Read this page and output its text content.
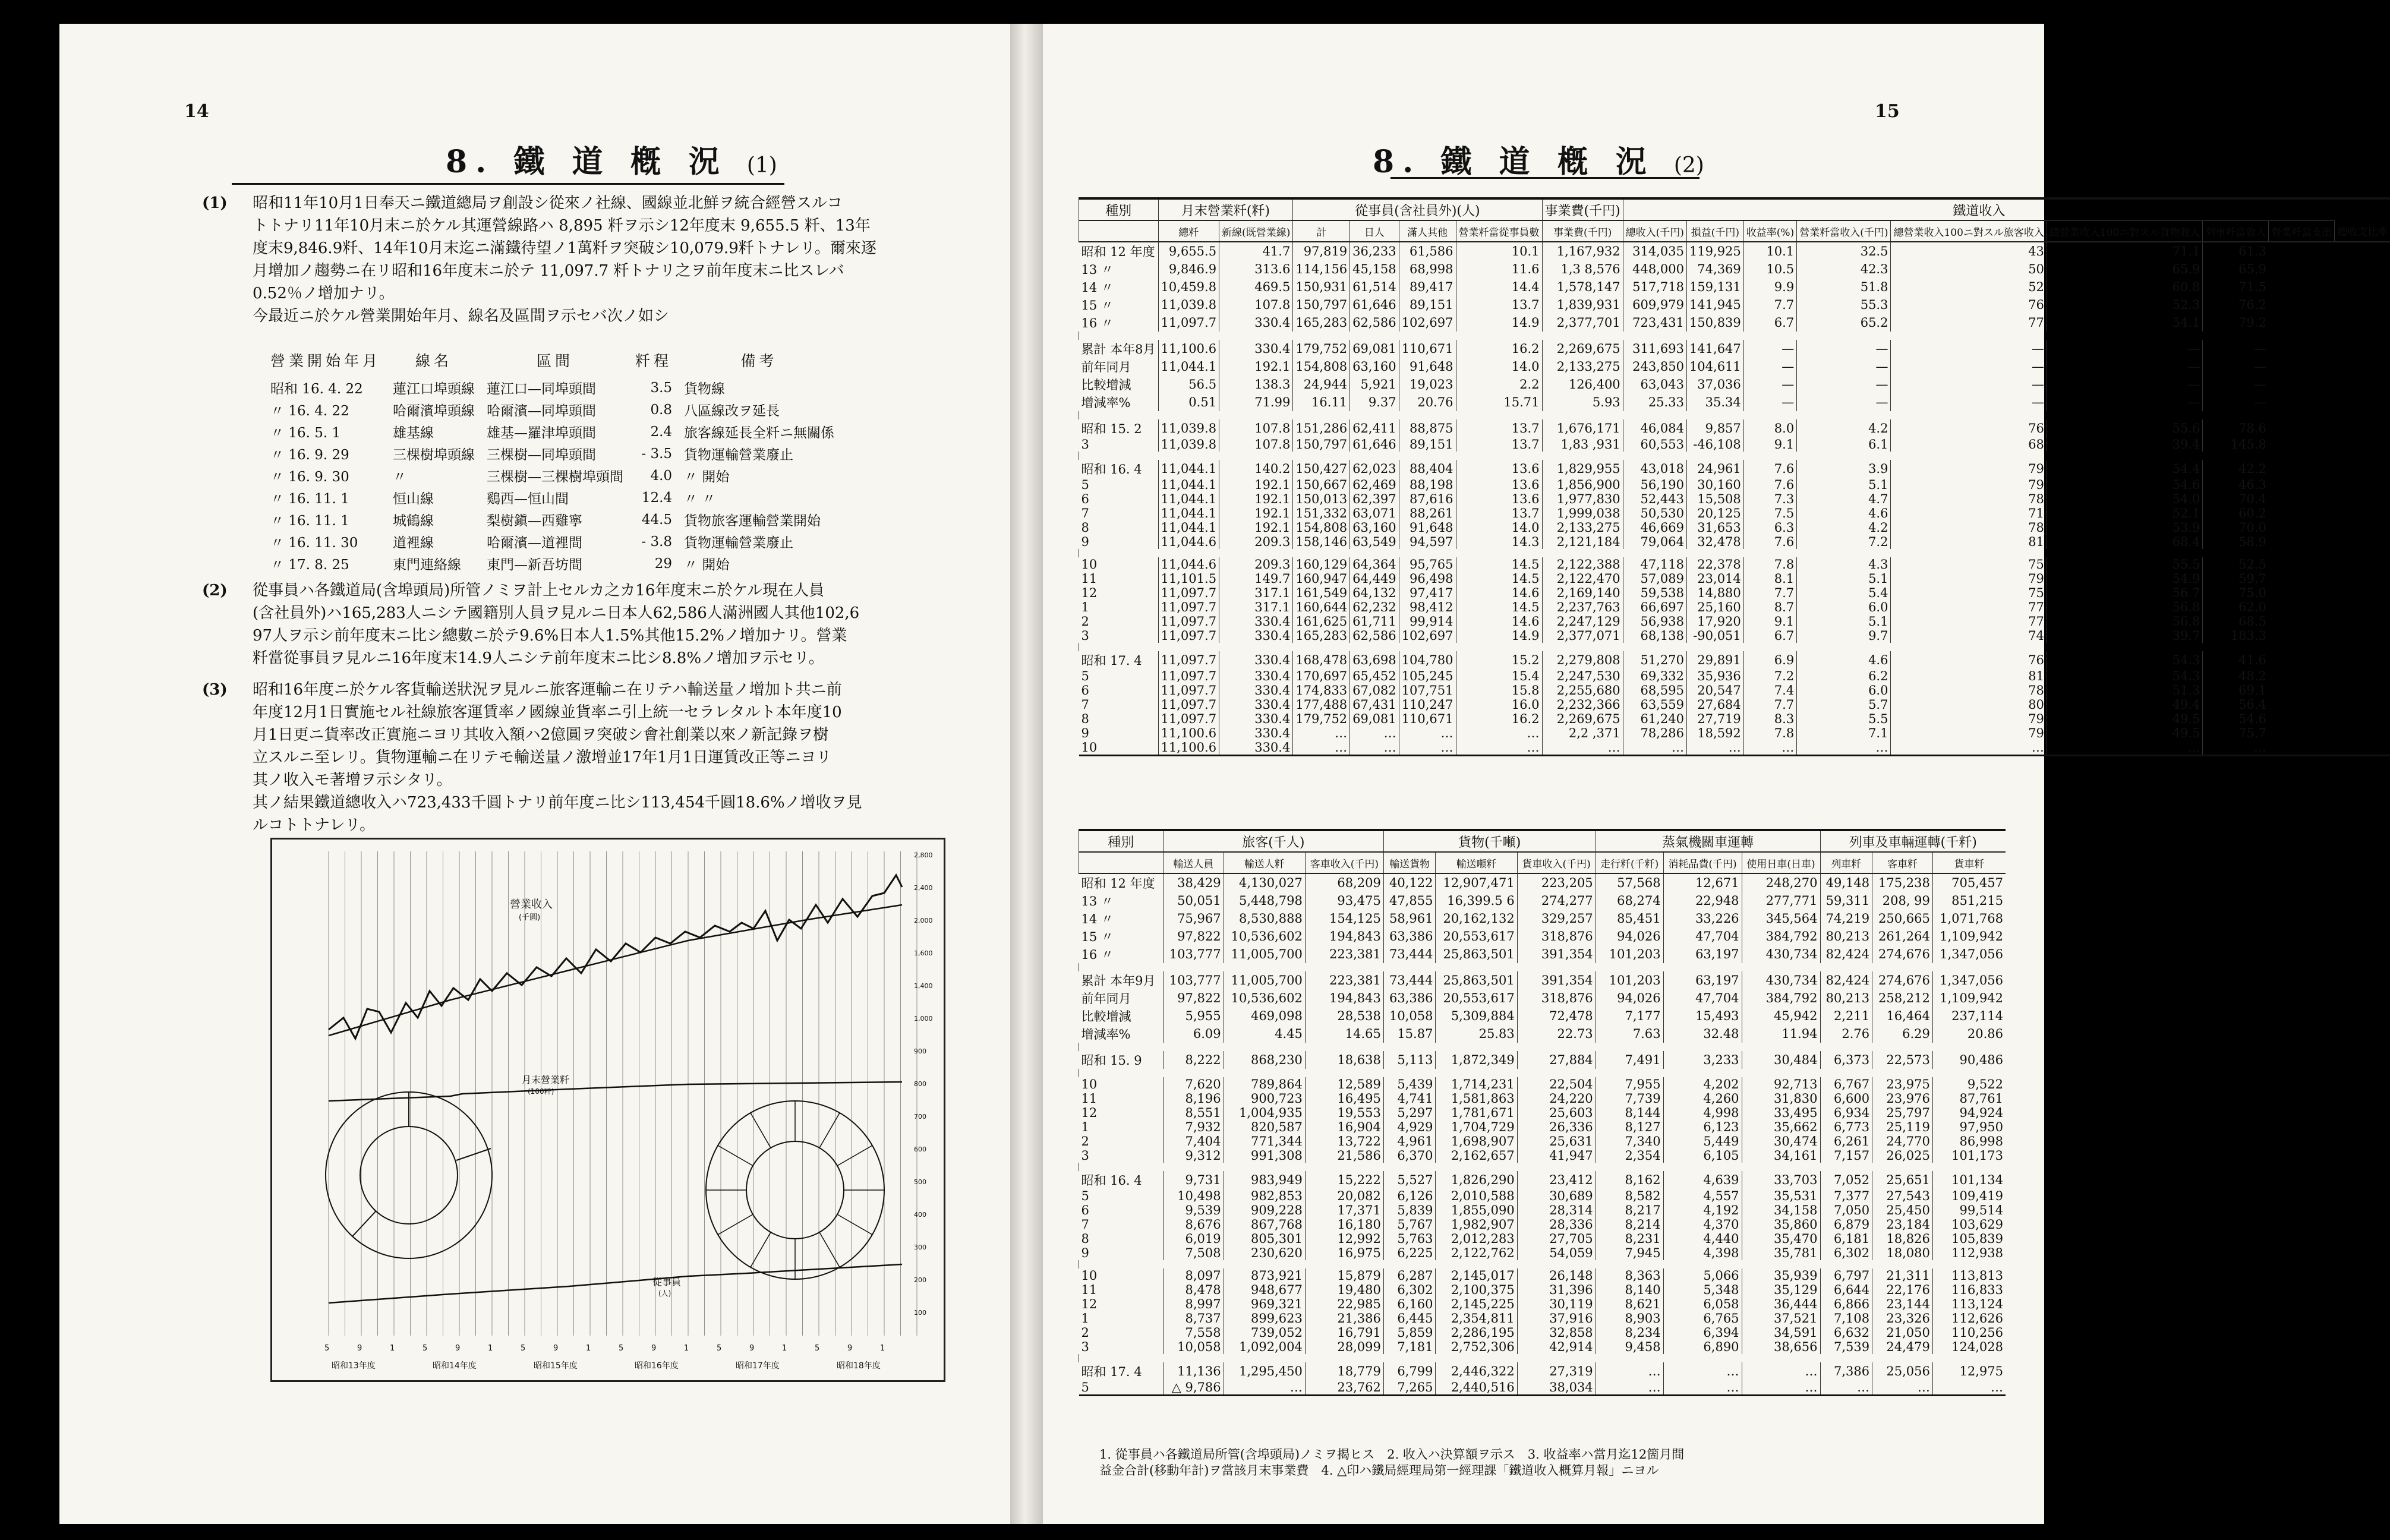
14
8. 鐵 道 槪 況 (1)
(1) 昭和11年10月1日奉天ニ鐵道總局ヲ創設シ從來ノ社線、國線並北鮮ヲ統合經營スルコ
トトナリ11年10月末ニ於ケル其運營線路ハ 8,895 粁ヲ示シ12年度末 9,655.5 粁、13年
度末9,846.9粁、14年10月末迄ニ滿鐵待望ノ1萬粁ヲ突破シ10,079.9粁トナレリ。爾來逐
月增加ノ趨勢ニ在リ昭和16年度末ニ於テ 11,097.7 粁トナリ之ヲ前年度末ニ比スレバ
0.52％ノ增加ナリ。
今最近ニ於ケル營業開始年月、線名及區間ヲ示セバ次ノ如シ
營業開始年月	線名	區間	粁程	備考
昭和 16. 4. 22	蓮江口埠頭線	蓮江口—同埠頭間	3.5	貨物線
〃 16. 4. 22	哈爾濱埠頭線	哈爾濱—同埠頭間	0.8	八區線改ヲ延長
〃 16. 5. 1	雄基線	雄基—羅津埠頭間	2.4	旅客線延長全粁ニ無關係
〃 16. 9. 29	三棵樹埠頭線	三棵樹—同埠頭間	- 3.5	貨物運輸營業廢止
〃 16. 9. 30	〃	三棵樹—三棵樹埠頭間	4.0	〃 開始
〃 16. 11. 1	恒山線	鷄西—恒山間	12.4	〃 〃
〃 16. 11. 1	城鶴線	梨樹鎭—西雞寧	44.5	貨物旅客運輸營業開始
〃 16. 11. 30	道裡線	哈爾濱—道裡間	- 3.8	貨物運輸營業廢止
〃 17. 8. 25	東門連絡線	東門—新吾坊間	29	〃 開始
(2) 從事員ハ各鐵道局(含埠頭局)所管ノミヲ計上セルカ之カ16年度末ニ於ケル現在人員
(含社員外)ハ165,283人ニシテ國籍別人員ヲ見ルニ日本人62,586人滿洲國人其他102,6
97人ヲ示シ前年度末ニ比シ總數ニ於テ9.6%日本人1.5%其他15.2%ノ增加ナリ。營業
粁當從事員ヲ見ルニ16年度末14.9人ニシテ前年度末ニ比シ8.8%ノ增加ヲ示セリ。
(3) 昭和16年度ニ於ケル客貨輸送狀況ヲ見ルニ旅客運輸ニ在リテハ輸送量ノ增加ト共ニ前
年度12月1日實施セル社線旅客運賃率ノ國線並貨率ニ引上統一セラレタルト本年度10
月1日更ニ貨率改正實施ニヨリ其收入額ハ2億圓ヲ突破シ會社創業以來ノ新記錄ヲ樹
立スルニ至レリ。貨物運輸ニ在リテモ輸送量ノ激增並17年1月1日運賃改正等ニヨリ
其ノ收入モ著增ヲ示シタリ。
其ノ結果鐵道總收入ハ723,433千圓トナリ前年度ニ比シ113,454千圓18.6%ノ增收ヲ見
ルコトトナレリ。
營業收入
(千圓)
月末營業粁
(100粁)
從事員
(人)
5	9	1	5	9	1	5	9	1	5	9	1	5	9	1	5	9	1
昭和13年度	昭和14年度	昭和15年度	昭和16年度	昭和17年度	昭和18年度
2,800
2,400
2,000
1,600
1,400
1,000
900
800
700
600
500
400
300
200
100
15
8. 鐵 道 槪 況 (2)
種別	月末營業粁(粁)		從事員(含社員外)(人)				事業費(千円)	鐵道收入								
	總粁	新線(既營業線)	計	日人	滿人其他	營業粁當從事員數	事業費(千円)	總收入(千円)	損益(千円)	收益率(%)	營業粁當收入(千円)	總營業收入100ニ對スル旅客收入	總營業收入100ニ對スル貨物收入	列車粁當收入	營業粁當支出	總收支比率
昭和 12 年度	9,655.5	41.7	97,819	36,233	61,586	10.1	1,167,932	314,035	119,925	10.1	32.5	43	71.1	61.3		
13 〃	9,846.9	313.6	114,156	45,158	68,998	11.6	1,3 8,576	448,000	74,369	10.5	42.3	50	65.9	65.9		
14 〃	10,459.8	469.5	150,931	61,514	89,417	14.4	1,578,147	517,718	159,131	9.9	51.8	52	60.8	71.5		
15 〃	11,039.8	107.8	150,797	61,646	89,151	13.7	1,839,931	609,979	141,945	7.7	55.3	76	52.3	76.2		
16 〃	11,097.7	330.4	165,283	62,586	102,697	14.9	2,377,701	723,431	150,839	6.7	65.2	77	54.1	79.2		

累計 本年8月	11,100.6	330.4	179,752	69,081	110,671	16.2	2,269,675	311,693	141,647	—	—	—	—	—		
前年同月	11,044.1	192.1	154,808	63,160	91,648	14.0	2,133,275	243,850	104,611	—	—	—	—	—		
比較增減	56.5	138.3	24,944	5,921	19,023	2.2	126,400	63,043	37,036	—	—	—	—	—		
增減率%	0.51	71.99	16.11	9.37	20.76	15.71	5.93	25.33	35.34	—	—	—	—	—		

昭和 15. 2	11,039.8	107.8	151,286	62,411	88,875	13.7	1,676,171	46,084	9,857	8.0	4.2	76	55.6	78.6		
3	11,039.8	107.8	150,797	61,646	89,151	13.7	1,83 ,931	60,553	-46,108	9.1	6.1	68	39.4	145.8		

昭和 16. 4	11,044.1	140.2	150,427	62,023	88,404	13.6	1,829,955	43,018	24,961	7.6	3.9	79	54.4	42.2		
5	11,044.1	192.1	150,667	62,469	88,198	13.6	1,856,900	56,190	30,160	7.6	5.1	79	54.6	46.3		
6	11,044.1	192.1	150,013	62,397	87,616	13.6	1,977,830	52,443	15,508	7.3	4.7	78	54.0	70.4		
7	11,044.1	192.1	151,332	63,071	88,261	13.7	1,999,038	50,530	20,125	7.5	4.6	71	52.1	60.2		
8	11,044.1	192.1	154,808	63,160	91,648	14.0	2,133,275	46,669	31,653	6.3	4.2	78	53.9	70.0		
9	11,044.6	209.3	158,146	63,549	94,597	14.3	2,121,184	79,064	32,478	7.6	7.2	81	68.4	58.9		

10	11,044.6	209.3	160,129	64,364	95,765	14.5	2,122,388	47,118	22,378	7.8	4.3	75	55.5	52.5		
11	11,101.5	149.7	160,947	64,449	96,498	14.5	2,122,470	57,089	23,014	8.1	5.1	79	54.9	59.7		
12	11,097.7	317.1	161,549	64,132	97,417	14.6	2,169,140	59,538	14,880	7.7	5.4	75	56.7	75.0		
1	11,097.7	317.1	160,644	62,232	98,412	14.5	2,237,763	66,697	25,160	8.7	6.0	77	56.8	62.0		
2	11,097.7	330.4	161,625	61,711	99,914	14.6	2,247,129	56,938	17,920	9.1	5.1	77	56.8	68.5		
3	11,097.7	330.4	165,283	62,586	102,697	14.9	2,377,071	68,138	-90,051	6.7	9.7	74	39.7	183.3		

昭和 17. 4	11,097.7	330.4	168,478	63,698	104,780	15.2	2,279,808	51,270	29,891	6.9	4.6	76	54.3	41.6		
5	11,097.7	330.4	170,697	65,452	105,245	15.4	2,247,530	69,332	35,936	7.2	6.2	81	54.3	48.2		
6	11,097.7	330.4	174,833	67,082	107,751	15.8	2,255,680	68,595	20,547	7.4	6.0	78	51.3	69.1		
7	11,097.7	330.4	177,488	67,431	110,247	16.0	2,232,366	63,559	27,684	7.7	5.7	80	49.4	56.4		
8	11,097.7	330.4	179,752	69,081	110,671	16.2	2,269,675	61,240	27,719	8.3	5.5	79	49.5	54.6		
9	11,100.6	330.4	…	…	…	…	2,2 ,371	78,286	18,592	7.8	7.1	79	49.5	75.7		
10	11,100.6	330.4	…	…	…	…	…	…	…	…	…	…	…	…		
種別	旅客(千人)			貨物(千噸)			蒸氣機關車運轉			列車及車輛運轉(千粁)		
	輸送人員	輸送人粁	客車收入(千円)	輸送貨物	輸送噸粁	貨車收入(千円)	走行粁(千粁)	消耗品費(千円)	使用日車(日車)	列車粁	客車粁	貨車粁
昭和 12 年度	38,429	4,130,027	68,209	40,122	12,907,471	223,205	57,568	12,671	248,270	49,148	175,238	705,457
13 〃	50,051	5,448,798	93,475	47,855	16,399.5 6	274,277	68,274	22,948	277,771	59,311	208, 99	851,215
14 〃	75,967	8,530,888	154,125	58,961	20,162,132	329,257	85,451	33,226	345,564	74,219	250,665	1,071,768
15 〃	97,822	10,536,602	194,843	63,386	20,553,617	318,876	94,026	47,704	384,792	80,213	261,264	1,109,942
16 〃	103,777	11,005,700	223,381	73,444	25,863,501	391,354	101,203	63,197	430,734	82,424	274,676	1,347,056

累計 本年9月	103,777	11,005,700	223,381	73,444	25,863,501	391,354	101,203	63,197	430,734	82,424	274,676	1,347,056
前年同月	97,822	10,536,602	194,843	63,386	20,553,617	318,876	94,026	47,704	384,792	80,213	258,212	1,109,942
比較增減	5,955	469,098	28,538	10,058	5,309,884	72,478	7,177	15,493	45,942	2,211	16,464	237,114
增減率%	6.09	4.45	14.65	15.87	25.83	22.73	7.63	32.48	11.94	2.76	6.29	20.86

昭和 15. 9	8,222	868,230	18,638	5,113	1,872,349	27,884	7,491	3,233	30,484	6,373	22,573	90,486

10	7,620	789,864	12,589	5,439	1,714,231	22,504	7,955	4,202	92,713	6,767	23,975	9,522
11	8,196	900,723	16,495	4,741	1,581,863	24,220	7,739	4,260	31,830	6,600	23,976	87,761
12	8,551	1,004,935	19,553	5,297	1,781,671	25,603	8,144	4,998	33,495	6,934	25,797	94,924
1	7,932	820,587	16,904	4,929	1,704,729	26,336	8,127	6,123	35,662	6,773	25,119	97,950
2	7,404	771,344	13,722	4,961	1,698,907	25,631	7,340	5,449	30,474	6,261	24,770	86,998
3	9,312	991,308	21,586	6,370	2,162,657	41,947	2,354	6,105	34,161	7,157	26,025	101,173

昭和 16. 4	9,731	983,949	15,222	5,527	1,826,290	23,412	8,162	4,639	33,703	7,052	25,651	101,134
5	10,498	982,853	20,082	6,126	2,010,588	30,689	8,582	4,557	35,531	7,377	27,543	109,419
6	9,539	909,228	17,371	5,839	1,855,090	28,314	8,217	4,192	34,158	7,050	25,450	99,514
7	8,676	867,768	16,180	5,767	1,982,907	28,336	8,214	4,370	35,860	6,879	23,184	103,629
8	6,019	805,301	12,992	5,763	2,012,283	27,705	8,231	4,440	35,470	6,181	18,826	105,839
9	7,508	230,620	16,975	6,225	2,122,762	54,059	7,945	4,398	35,781	6,302	18,080	112,938

10	8,097	873,921	15,879	6,287	2,145,017	26,148	8,363	5,066	35,939	6,797	21,311	113,813
11	8,478	948,677	19,480	6,302	2,100,375	31,396	8,140	5,348	35,129	6,644	22,176	116,833
12	8,997	969,321	22,985	6,160	2,145,225	30,119	8,621	6,058	36,444	6,866	23,144	113,124
1	8,737	899,623	21,386	6,445	2,354,811	37,916	8,903	6,765	37,521	7,108	23,326	112,626
2	7,558	739,052	16,791	5,859	2,286,195	32,858	8,234	6,394	34,591	6,632	21,050	110,256
3	10,058	1,092,004	28,099	7,181	2,752,306	42,914	9,458	6,890	38,656	7,539	24,479	124,028

昭和 17. 4	11,136	1,295,450	18,779	6,799	2,446,322	27,319	…	…	…	7,386	25,056	12,975
5	△ 9,786	…	23,762	7,265	2,440,516	38,034	…	…	…	…	…	…
1. 從事員ハ各鐵道局所管(含埠頭局)ノミヲ揭ヒス　2. 收入ハ決算額ヲ示ス　3. 收益率ハ當月迄12箇月間
益金合計(移動年計)ヲ當該月末事業費　4. △印ハ鐵局經理局第一經理課「鐵道收入概算月報」ニヨル
